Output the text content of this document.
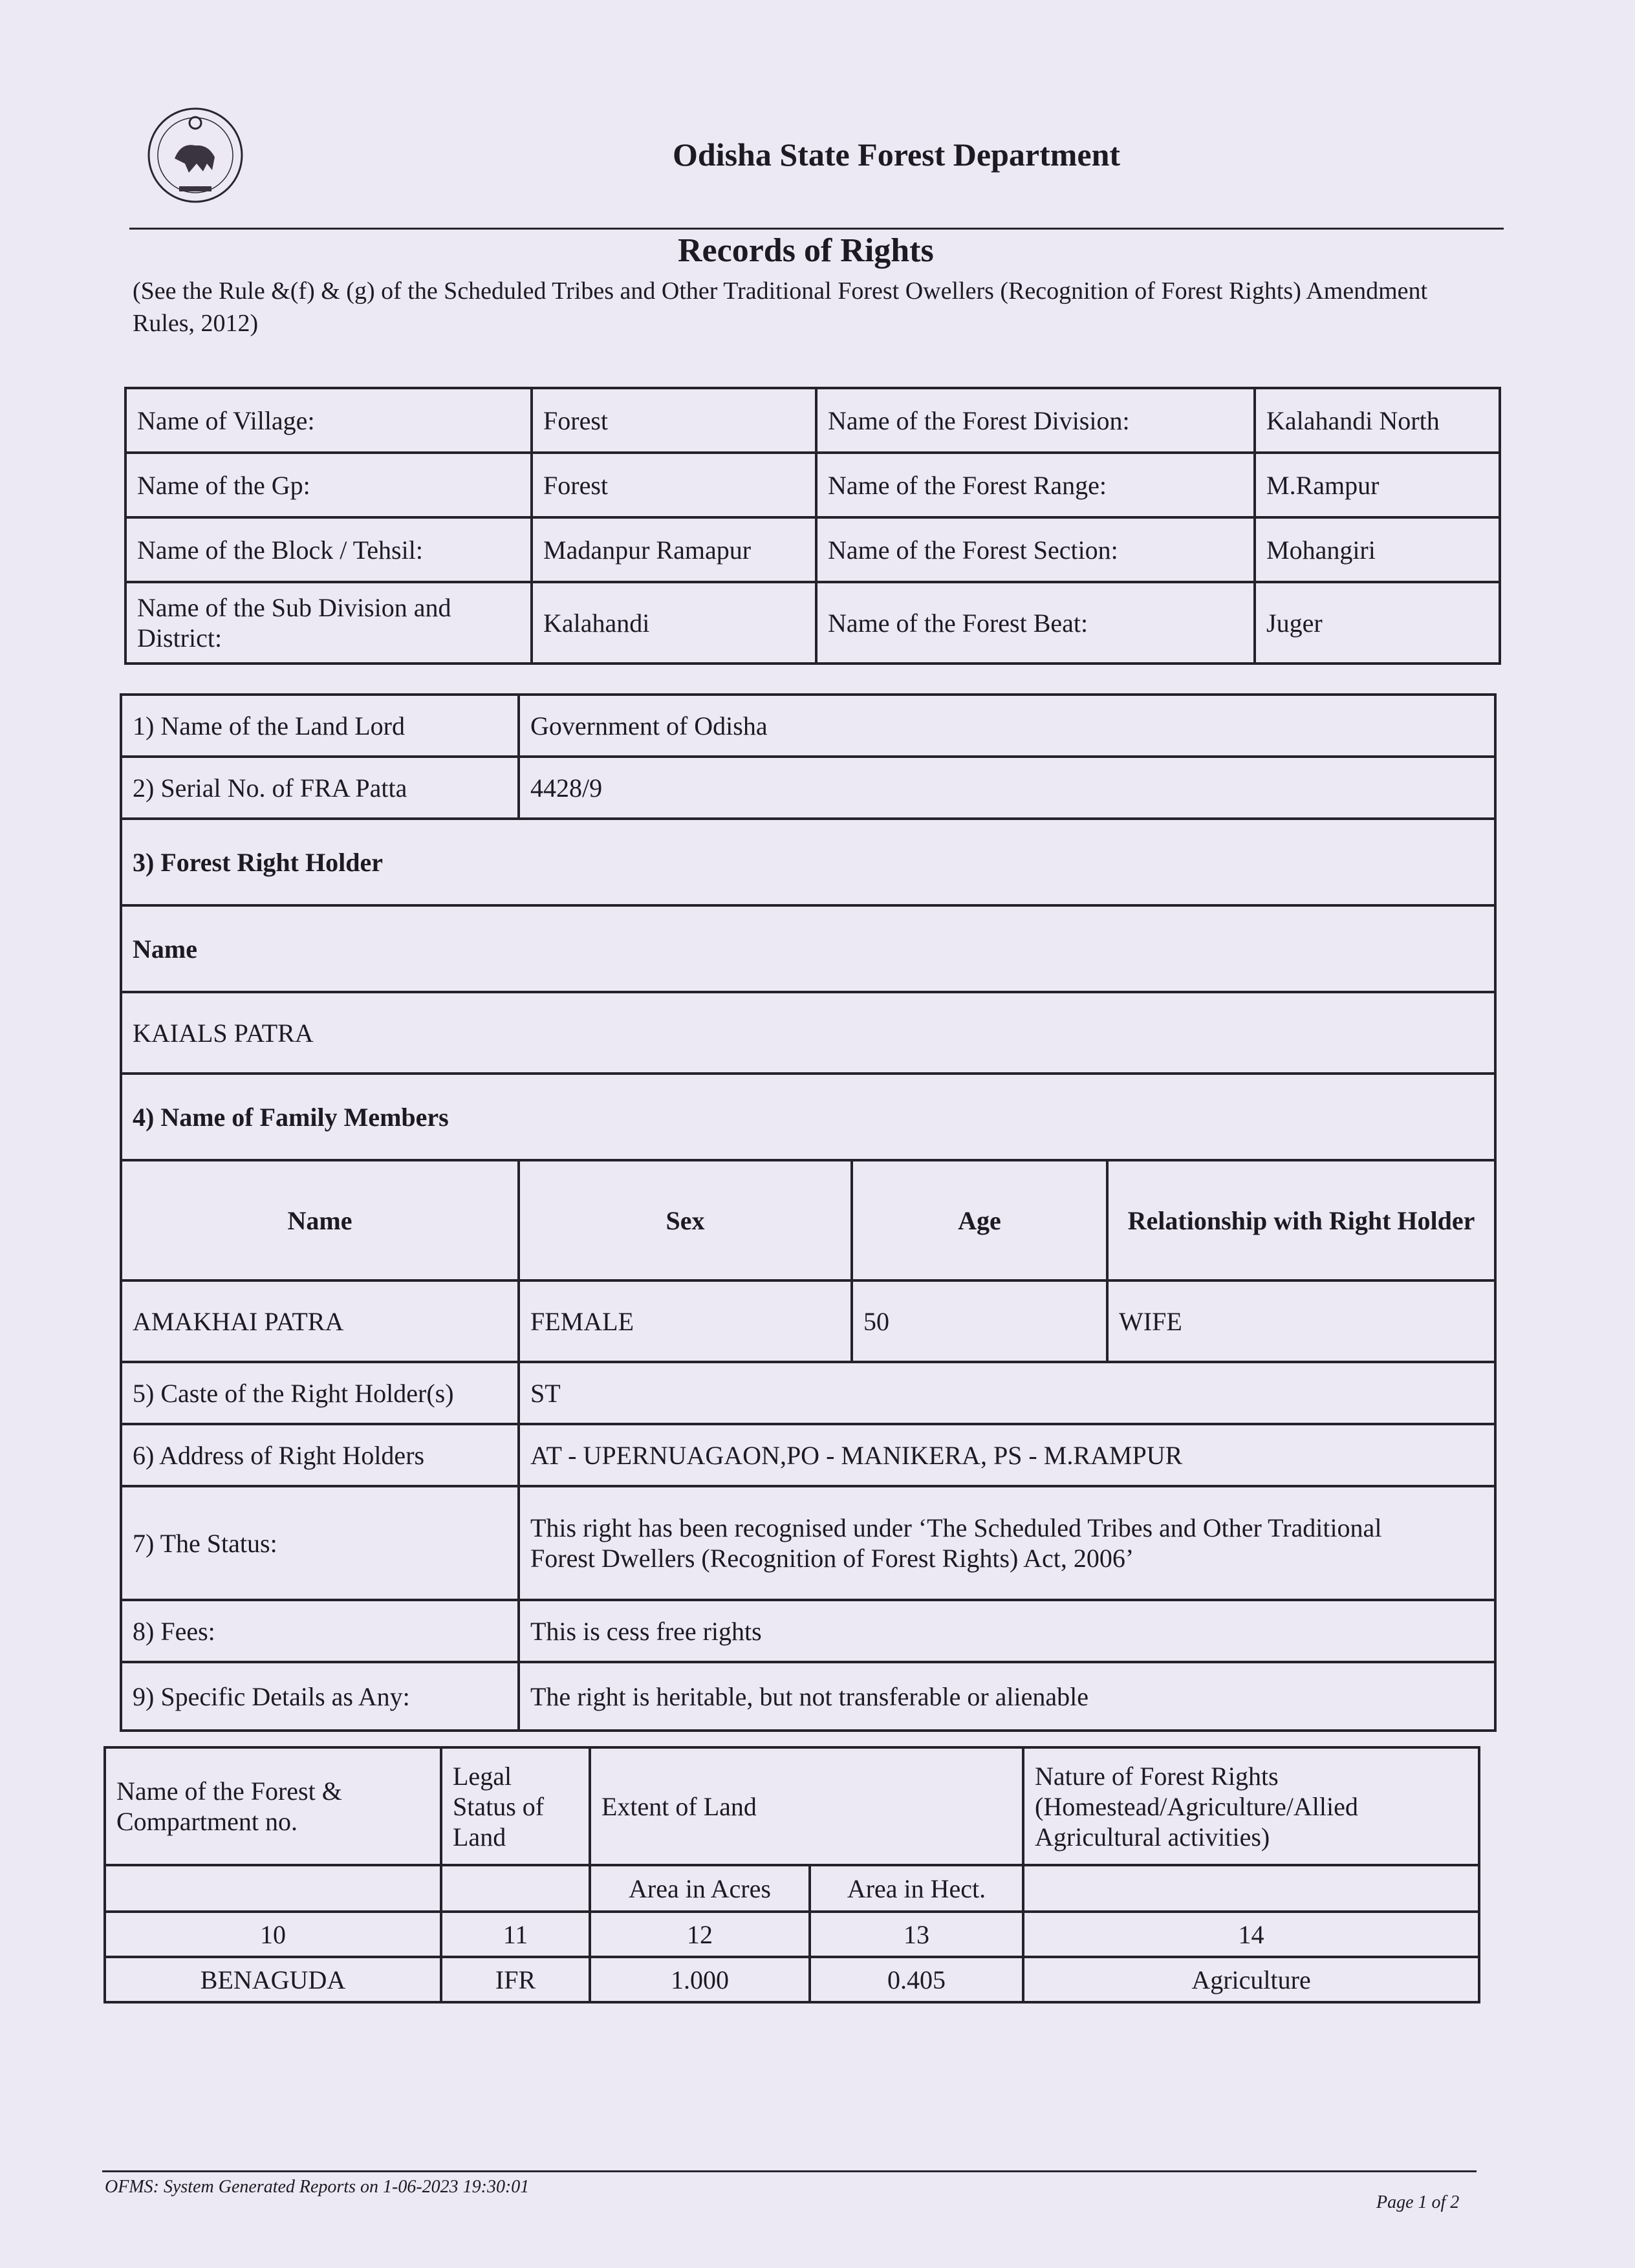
Odisha State Forest Department
Records of Rights
(See the Rule &(f) & (g) of the Scheduled Tribes and Other Traditional Forest Owellers (Recognition of Forest Rights) Amendment Rules, 2012)
Name of Village:	Forest	Name of the Forest Division:	Kalahandi North
Name of the Gp:	Forest	Name of the Forest Range:	M.Rampur
Name of the Block / Tehsil:	Madanpur Ramapur	Name of the Forest Section:	Mohangiri
Name of the Sub Division and District:	Kalahandi	Name of the Forest Beat:	Juger
1) Name of the Land Lord	Government of Odisha		
2) Serial No. of FRA Patta	4428/9		
3) Forest Right Holder			
Name			
KAIALS PATRA			
4) Name of Family Members			
Name	Sex	Age	Relationship with Right Holder
AMAKHAI PATRA	FEMALE	50	WIFE
5) Caste of the Right Holder(s)	ST		
6) Address of Right Holders	AT - UPERNUAGAON,PO - MANIKERA, PS - M.RAMPUR		
7) The Status:	This right has been recognised under ‘The Scheduled Tribes and Other Traditional
Forest Dwellers (Recognition of Forest Rights) Act, 2006’		

8) Fees:	This is cess free rights		
9) Specific Details as Any:	The right is heritable, but not transferable or alienable		
Name of the Forest & Compartment no.	Legal Status of Land	Extent of Land		Nature of Forest Rights (Homestead/Agriculture/Allied Agricultural activities)
		Area in Acres	Area in Hect.	
10	11	12	13	14
BENAGUDA	IFR	1.000	0.405	Agriculture
OFMS: System Generated Reports on 1-06-2023 19:30:01
Page 1 of 2
